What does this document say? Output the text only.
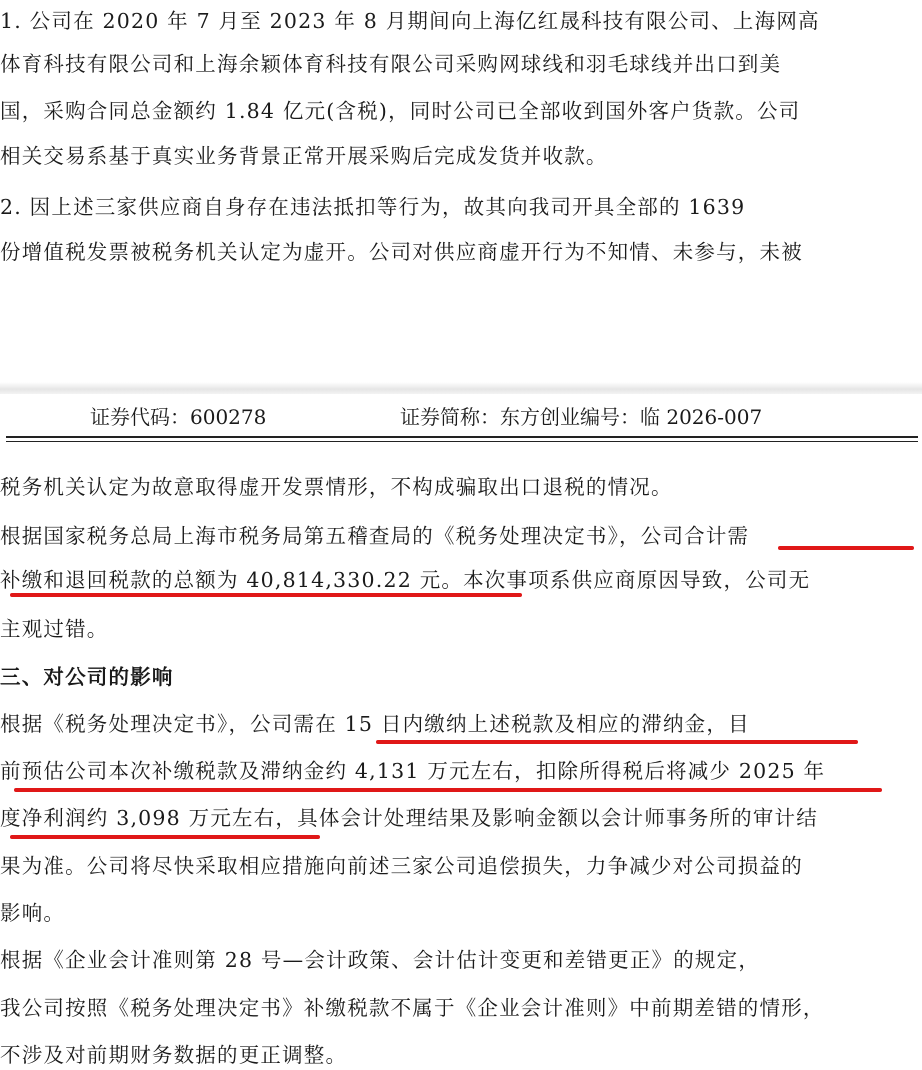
1. 公司在 2020 年 7 月至 2023 年 8 月期间向上海亿红晟科技有限公司、上海网高
体育科技有限公司和上海余颖体育科技有限公司采购网球线和羽毛球线并出口到美
国，采购合同总金额约 1.84 亿元(含税)，同时公司已全部收到国外客户货款。公司
相关交易系基于真实业务背景正常开展采购后完成发货并收款。
2. 因上述三家供应商自身存在违法抵扣等行为，故其向我司开具全部的 1639
份增值税发票被税务机关认定为虚开。公司对供应商虚开行为不知情、未参与，未被
证券代码：600278	证券简称：东方创业编号：临 2026-007
税务机关认定为故意取得虚开发票情形，不构成骗取出口退税的情况。
根据国家税务总局上海市税务局第五稽查局的《税务处理决定书》，公司合计需
补缴和退回税款的总额为 40,814,330.22 元。本次事项系供应商原因导致，公司无
主观过错。
三、对公司的影响
根据《税务处理决定书》，公司需在 15 日内缴纳上述税款及相应的滞纳金，目
前预估公司本次补缴税款及滞纳金约 4,131 万元左右，扣除所得税后将减少 2025 年
度净利润约 3,098 万元左右，具体会计处理结果及影响金额以会计师事务所的审计结
果为准。公司将尽快采取相应措施向前述三家公司追偿损失，力争减少对公司损益的
影响。
根据《企业会计准则第 28 号—会计政策、会计估计变更和差错更正》的规定，
我公司按照《税务处理决定书》补缴税款不属于《企业会计准则》中前期差错的情形，
不涉及对前期财务数据的更正调整。
